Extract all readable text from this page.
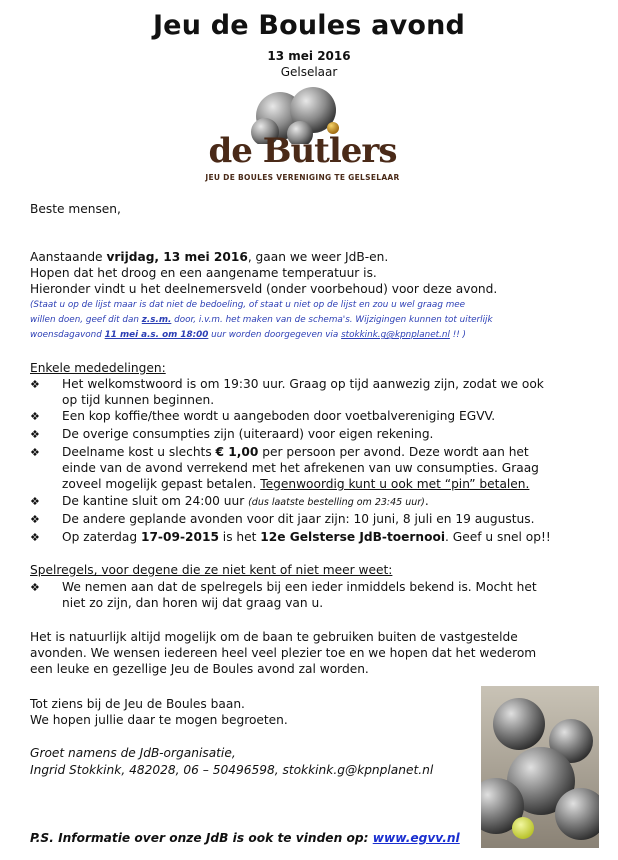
Jeu de Boules avond
13 mei 2016
Gelselaar
de Butlers
JEU DE BOULES VERENIGING TE GELSELAAR
Beste mensen,
Aanstaande vrijdag, 13 mei 2016, gaan we weer JdB-en.
Hopen dat het droog en een aangename temperatuur is.
Hieronder vindt u het deelnemersveld (onder voorbehoud) voor deze avond.
(Staat u op de lijst maar is dat niet de bedoeling, of staat u niet op de lijst en zou u wel graag mee
willen doen, geef dit dan z.s.m. door, i.v.m. het maken van de schema's. Wijzigingen kunnen tot uiterlijk
woensdagavond 11 mei a.s. om 18:00 uur worden doorgegeven via stokkink.g@kpnplanet.nl !! )
Enkele mededelingen:
❖	Het welkomstwoord is om 19:30 uur. Graag op tijd aanwezig zijn, zodat we ook
op tijd kunnen beginnen.
❖	Een kop koffie/thee wordt u aangeboden door voetbalvereniging EGVV.
❖	De overige consumpties zijn (uiteraard) voor eigen rekening.
❖	Deelname kost u slechts € 1,00 per persoon per avond. Deze wordt aan het
einde van de avond verrekend met het afrekenen van uw consumpties. Graag
zoveel mogelijk gepast betalen. Tegenwoordig kunt u ook met “pin” betalen.
❖	De kantine sluit om 24:00 uur (dus laatste bestelling om 23:45 uur).
❖	De andere geplande avonden voor dit jaar zijn: 10 juni, 8 juli en 19 augustus.
❖	Op zaterdag 17-09-2015 is het 12e Gelsterse JdB-toernooi. Geef u snel op!!
Spelregels, voor degene die ze niet kent of niet meer weet:
❖	We nemen aan dat de spelregels bij een ieder inmiddels bekend is. Mocht het
niet zo zijn, dan horen wij dat graag van u.
Het is natuurlijk altijd mogelijk om de baan te gebruiken buiten de vastgestelde
avonden. We wensen iedereen heel veel plezier toe en we hopen dat het wederom
een leuke en gezellige Jeu de Boules avond zal worden.
Tot ziens bij de Jeu de Boules baan.
We hopen jullie daar te mogen begroeten.
Groet namens de JdB-organisatie,
Ingrid Stokkink, 482028, 06 – 50496598, stokkink.g@kpnplanet.nl
P.S. Informatie over onze JdB is ook te vinden op: www.egvv.nl
